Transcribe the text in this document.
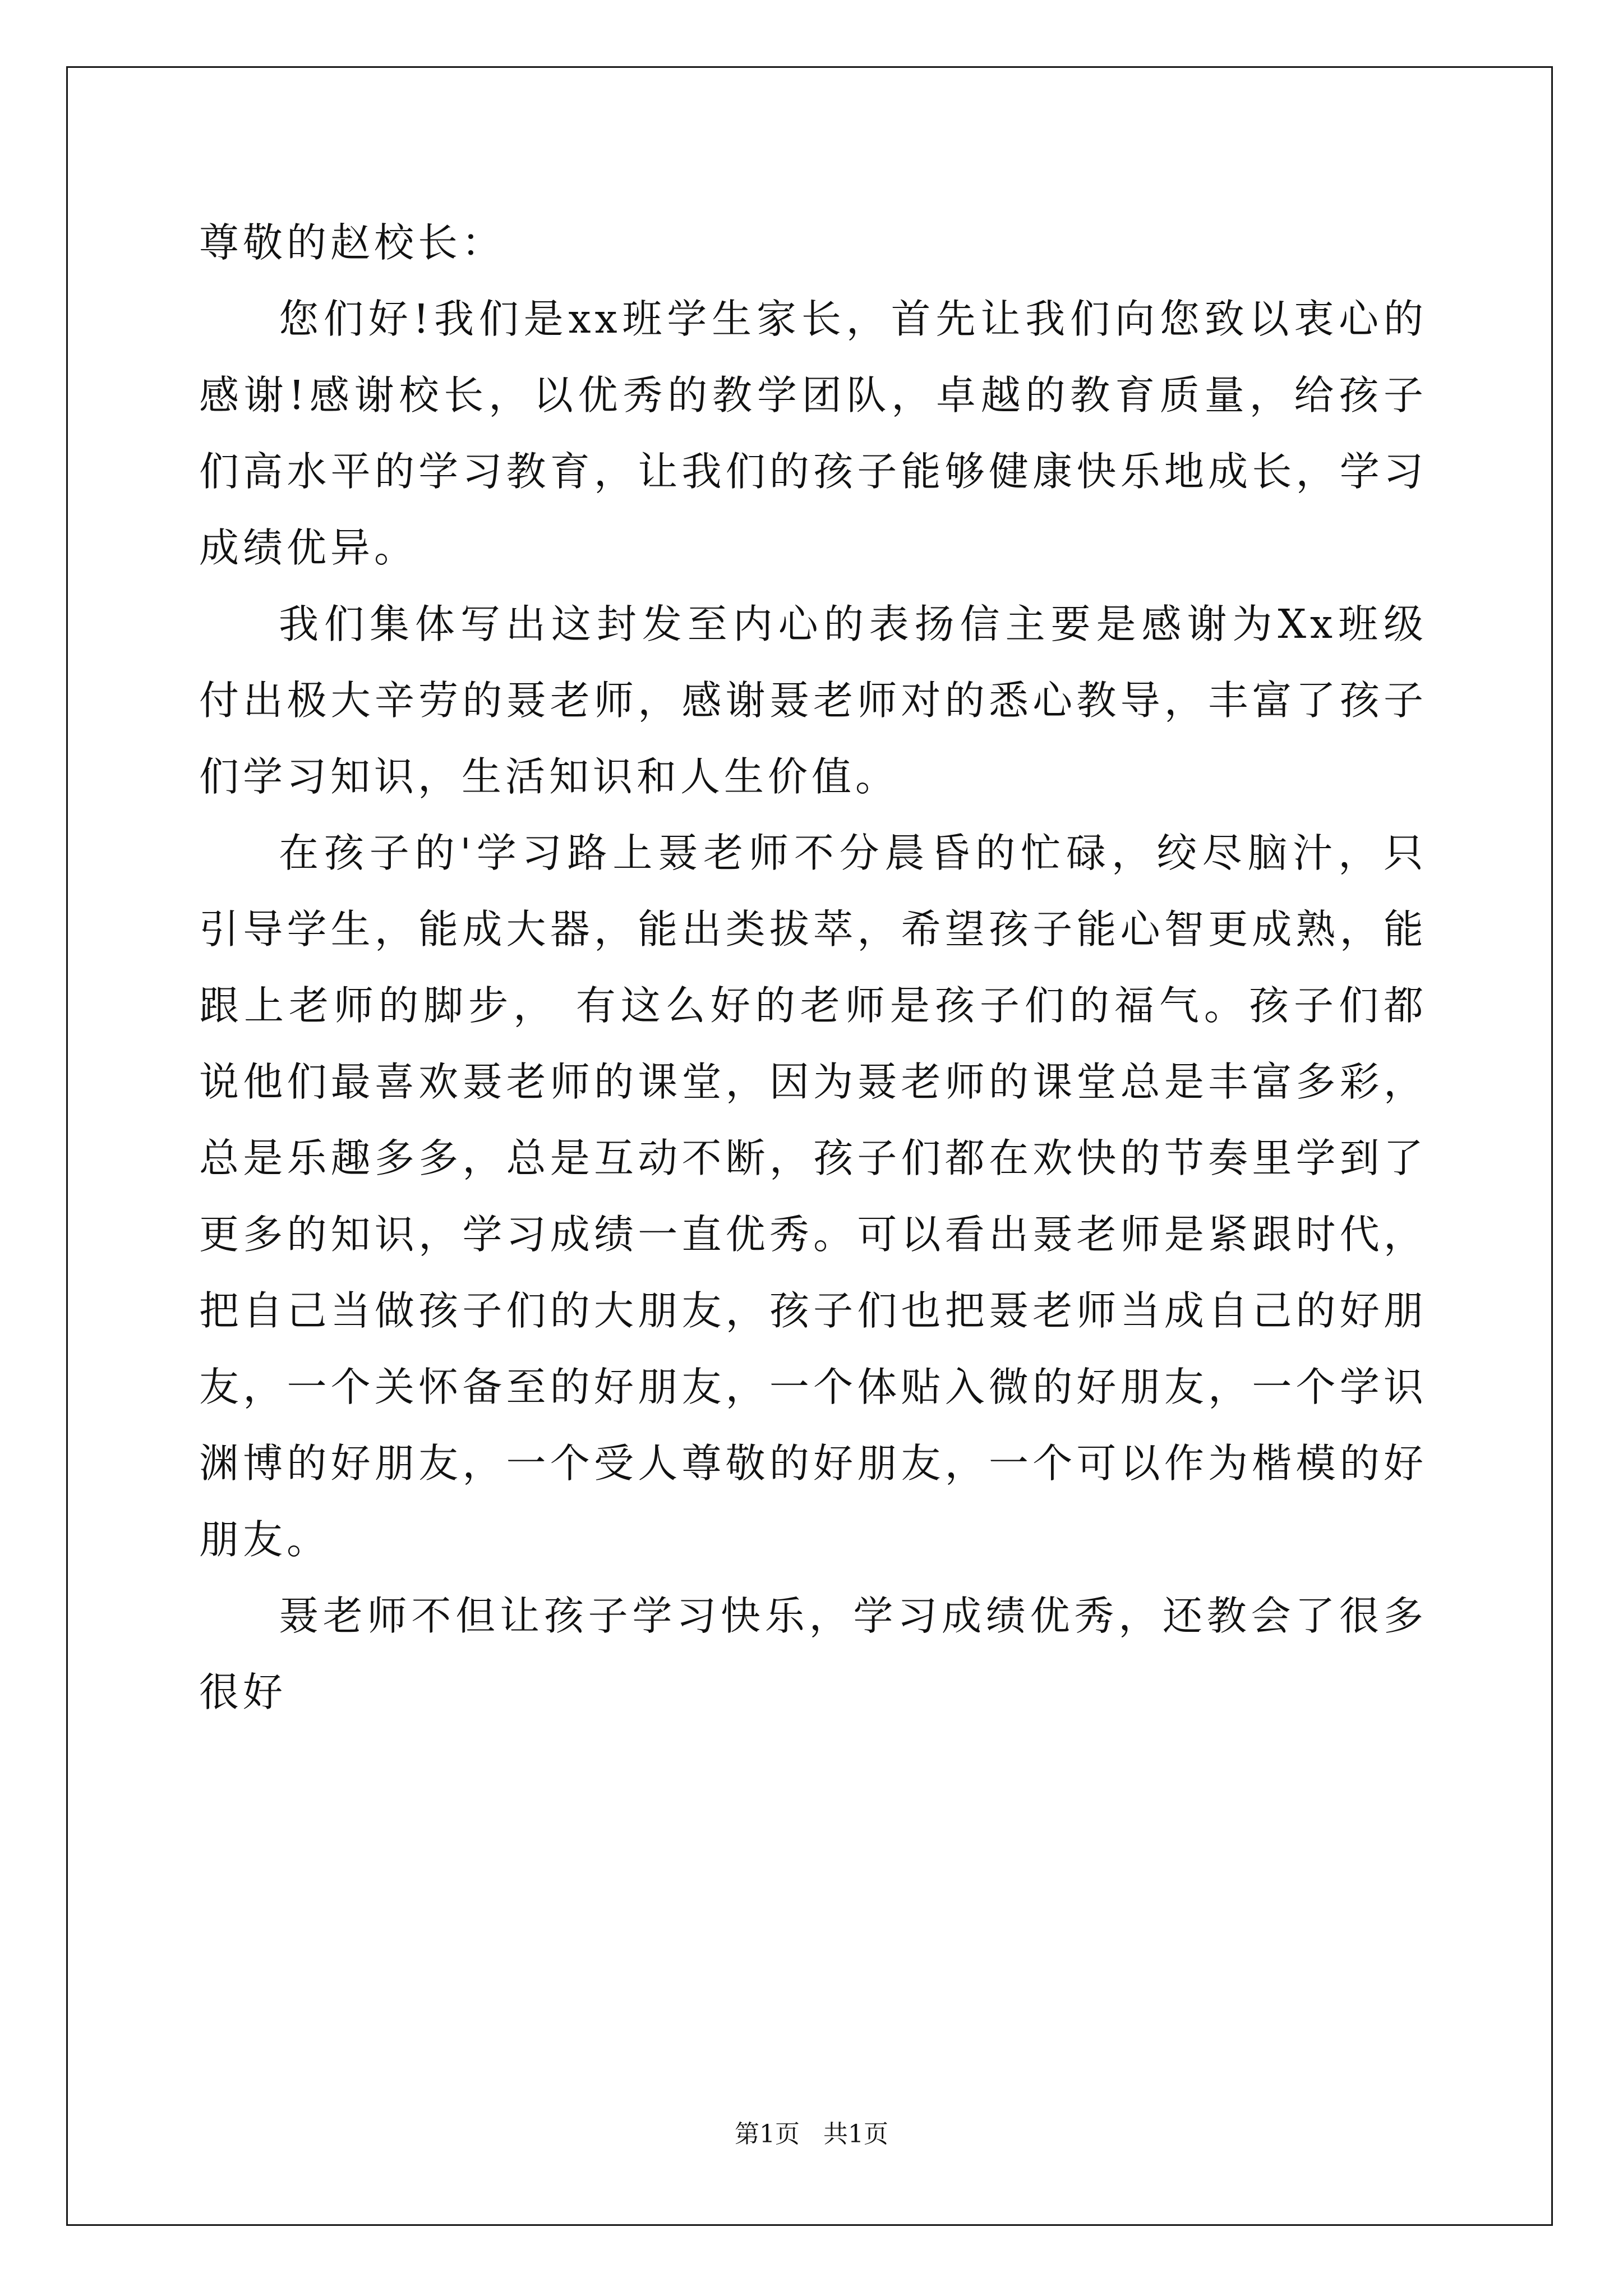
尊敬的赵校长：

您们好!我们是xx班学生家长，首先让我们向您致以衷心的感谢!感谢校长，以优秀的教学团队，卓越的教育质量，给孩子们高水平的学习教育，让我们的孩子能够健康快乐地成长，学习成绩优异。

我们集体写出这封发至内心的表扬信主要是感谢为Xx班级付出极大辛劳的聂老师，感谢聂老师对的悉心教导，丰富了孩子们学习知识，生活知识和人生价值。

在孩子的'学习路上聂老师不分晨昏的忙碌，绞尽脑汁，只引导学生，能成大器，能出类拔萃，希望孩子能心智更成熟，能跟上老师的脚步， 有这么好的老师是孩子们的福气。孩子们都说他们最喜欢聂老师的课堂，因为聂老师的课堂总是丰富多彩，总是乐趣多多，总是互动不断，孩子们都在欢快的节奏里学到了更多的知识，学习成绩一直优秀。可以看出聂老师是紧跟时代，把自己当做孩子们的大朋友，孩子们也把聂老师当成自己的好朋友，一个关怀备至的好朋友，一个体贴入微的好朋友，一个学识渊博的好朋友，一个受人尊敬的好朋友，一个可以作为楷模的好朋友。

聂老师不但让孩子学习快乐，学习成绩优秀，还教会了很多很好

第1页 共1页
